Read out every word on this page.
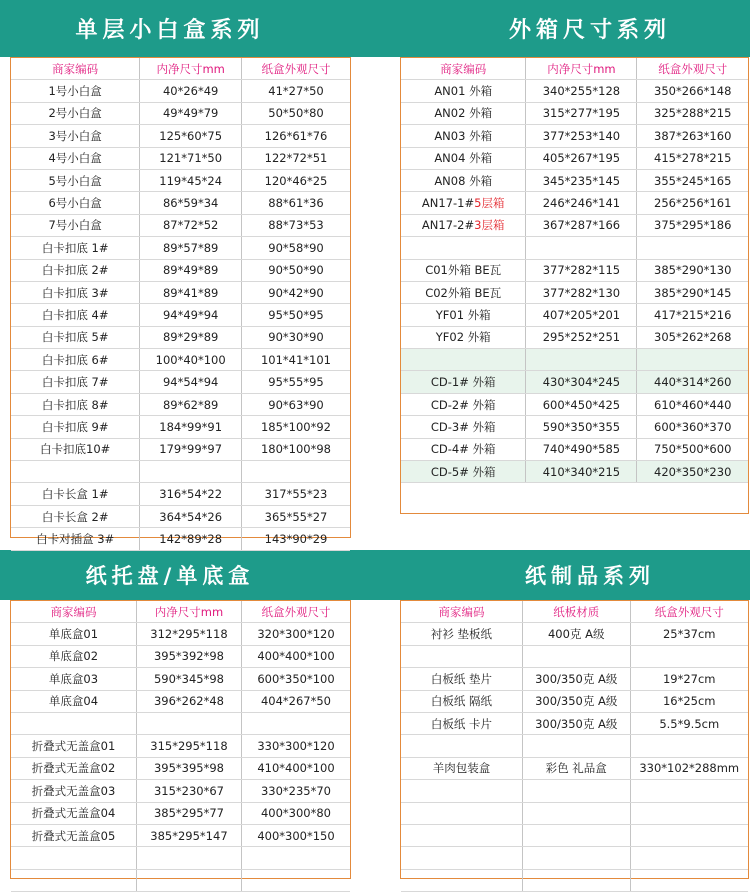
单层小白盒系列	外箱尺寸系列
纸托盘/单底盒	纸制品系列
商家编码	内净尺寸mm	纸盒外观尺寸
1号小白盒	40*26*49	41*27*50
2号小白盒	49*49*79	50*50*80
3号小白盒	125*60*75	126*61*76
4号小白盒	121*71*50	122*72*51
5号小白盒	119*45*24	120*46*25
6号小白盒	86*59*34	88*61*36
7号小白盒	87*72*52	88*73*53
白卡扣底 1#	89*57*89	90*58*90
白卡扣底 2#	89*49*89	90*50*90
白卡扣底 3#	89*41*89	90*42*90
白卡扣底 4#	94*49*94	95*50*95
白卡扣底 5#	89*29*89	90*30*90
白卡扣底 6#	100*40*100	101*41*101
白卡扣底 7#	94*54*94	95*55*95
白卡扣底 8#	89*62*89	90*63*90
白卡扣底 9#	184*99*91	185*100*92
白卡扣底10#	179*99*97	180*100*98

白卡长盒 1#	316*54*22	317*55*23
白卡长盒 2#	364*54*26	365*55*27
白卡对插盒 3#	142*89*28	143*90*29
商家编码	内净尺寸mm	纸盒外观尺寸
AN01 外箱	340*255*128	350*266*148
AN02 外箱	315*277*195	325*288*215
AN03 外箱	377*253*140	387*263*160
AN04 外箱	405*267*195	415*278*215
AN08 外箱	345*235*145	355*245*165
AN17-1#5层箱	246*246*141	256*256*161
AN17-2#3层箱	367*287*166	375*295*186

C01外箱 BE瓦	377*282*115	385*290*130
C02外箱 BE瓦	377*282*130	385*290*145
YF01 外箱	407*205*201	417*215*216
YF02 外箱	295*252*251	305*262*268

CD-1# 外箱	430*304*245	440*314*260
CD-2# 外箱	600*450*425	610*460*440
CD-3# 外箱	590*350*355	600*360*370
CD-4# 外箱	740*490*585	750*500*600
CD-5# 外箱	410*340*215	420*350*230
商家编码	内净尺寸mm	纸盒外观尺寸
单底盒01	312*295*118	320*300*120
单底盒02	395*392*98	400*400*100
单底盒03	590*345*98	600*350*100
单底盒04	396*262*48	404*267*50

折叠式无盖盒01	315*295*118	330*300*120
折叠式无盖盒02	395*395*98	410*400*100
折叠式无盖盒03	315*230*67	330*235*70
折叠式无盖盒04	385*295*77	400*300*80
折叠式无盖盒05	385*295*147	400*300*150

商家编码	纸板材质	纸盒外观尺寸
衬衫 垫板纸	400克 A级	25*37cm

白板纸 垫片	300/350克 A级	19*27cm
白板纸 隔纸	300/350克 A级	16*25cm
白板纸 卡片	300/350克 A级	5.5*9.5cm

羊肉包装盒	彩色 礼品盒	330*102*288mm
